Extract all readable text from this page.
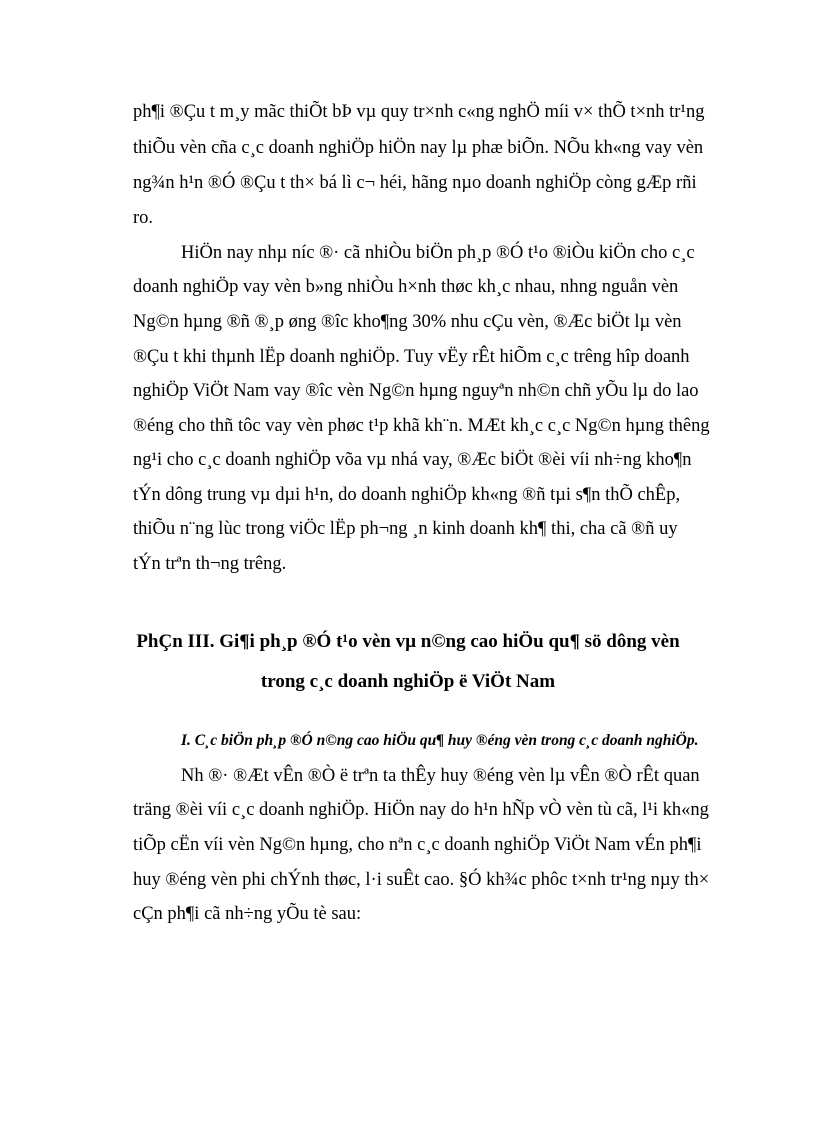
ph¶i ®Çu t m¸y mãc thiÕt bÞ vµ quy tr×nh c«ng nghÖ míi v× thÕ t×nh tr¹ng
thiÕu vèn cña c¸c doanh nghiÖp hiÖn nay lµ phæ biÕn. NÕu kh«ng vay vèn
ng¾n h¹n ®Ó ®Çu t th× bá lì c¬ héi, hãng nµo doanh nghiÖp còng gÆp rñi
ro.
HiÖn nay nhµ níc ®· cã nhiÒu biÖn ph¸p ®Ó t¹o ®iÒu kiÖn cho c¸c
doanh nghiÖp vay vèn b»ng nhiÒu h×nh thøc kh¸c nhau, nhng nguån vèn
Ng©n hµng ®ñ ®¸p øng ®îc kho¶ng 30% nhu cÇu vèn, ®Æc biÖt lµ vèn
®Çu t khi thµnh lËp doanh nghiÖp. Tuy vËy rÊt hiÕm c¸c trêng hîp doanh
nghiÖp ViÖt Nam vay ®îc vèn Ng©n hµng nguyªn nh©n chñ yÕu lµ do lao
®éng cho thñ tôc vay vèn phøc t¹p khã kh¨n. MÆt kh¸c c¸c Ng©n hµng thêng
ng¹i cho c¸c doanh nghiÖp võa vµ nhá vay, ®Æc biÖt ®èi víi nh÷ng kho¶n
tÝn dông trung vµ dµi h¹n, do doanh nghiÖp kh«ng ®ñ tµi s¶n thÕ chÊp,
thiÕu n¨ng lùc trong viÖc lËp ph¬ng ¸n kinh doanh kh¶ thi, cha cã ®ñ uy
tÝn trªn th¬ng trêng.
PhÇn III. Gi¶i ph¸p ®Ó t¹o vèn vµ n©ng cao hiÖu qu¶ sö dông vèn
trong c¸c doanh nghiÖp ë ViÖt Nam
I. C¸c biÖn ph¸p ®Ó n©ng cao hiÖu qu¶ huy ®éng vèn trong c¸c doanh nghiÖp.
Nh ®· ®Æt vÊn ®Ò ë trªn ta thÊy huy ®éng vèn lµ vÊn ®Ò rÊt quan
träng ®èi víi c¸c doanh nghiÖp. HiÖn nay do h¹n hÑp vÒ vèn tù cã, l¹i kh«ng
tiÕp cËn víi vèn Ng©n hµng, cho nªn c¸c doanh nghiÖp ViÖt Nam vÉn ph¶i
huy ®éng vèn phi chÝnh thøc, l·i suÊt cao. §Ó kh¾c phôc t×nh tr¹ng nµy th×
cÇn ph¶i cã nh÷ng yÕu tè sau:
